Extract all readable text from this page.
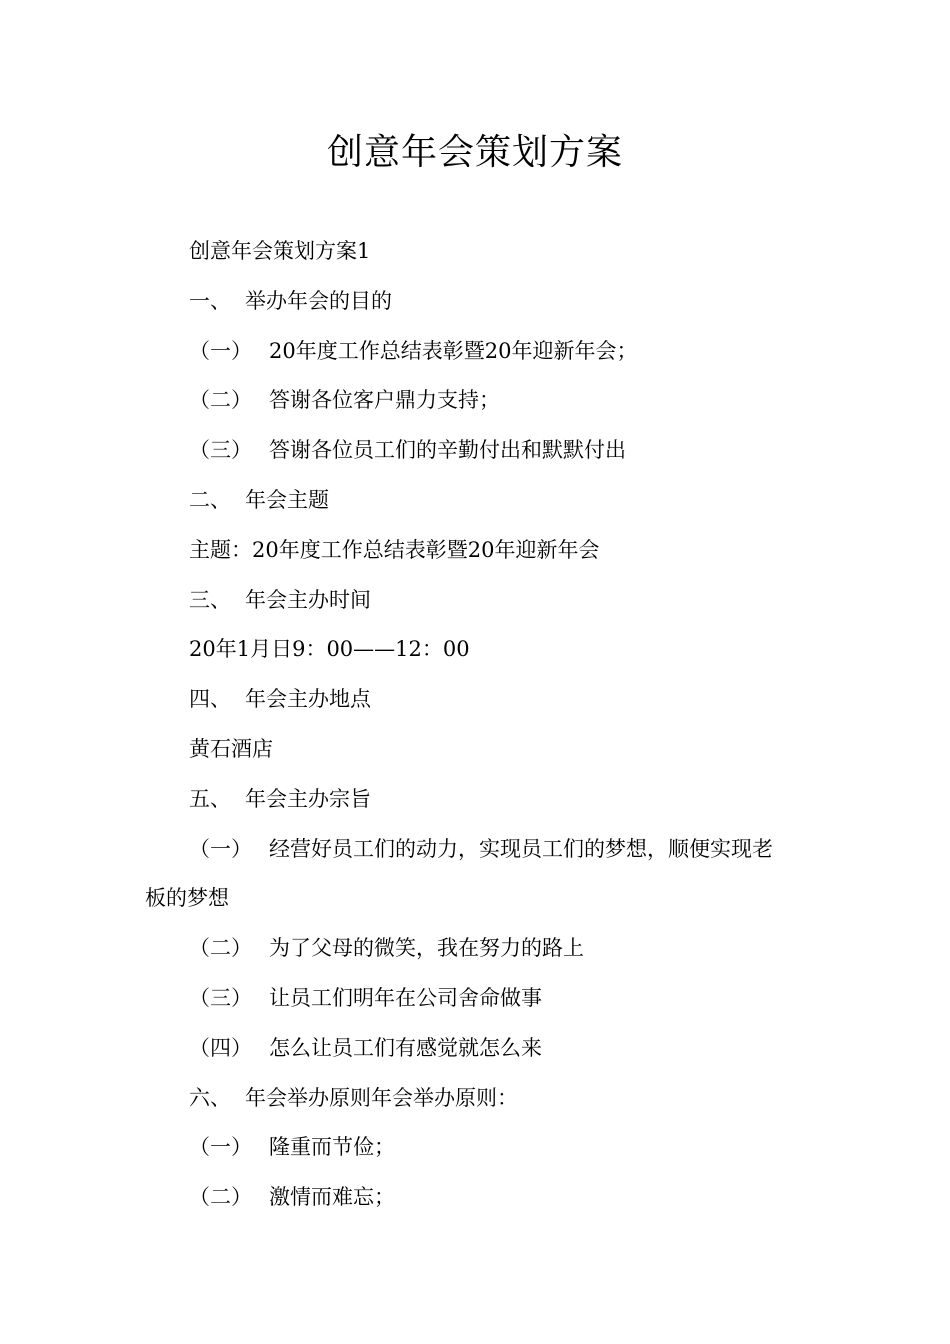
创意年会策划方案

创意年会策划方案1

一、 举办年会的目的

（一） 20年度工作总结表彰暨20年迎新年会；

（二） 答谢各位客户鼎力支持；

（三） 答谢各位员工们的辛勤付出和默默付出

二、 年会主题

主题：20年度工作总结表彰暨20年迎新年会

三、 年会主办时间

20年1月日9：00——12：00

四、 年会主办地点

黄石酒店

五、 年会主办宗旨

（一） 经营好员工们的动力，实现员工们的梦想，顺便实现老

板的梦想

（二） 为了父母的微笑，我在努力的路上

（三） 让员工们明年在公司舍命做事

（四） 怎么让员工们有感觉就怎么来

六、 年会举办原则年会举办原则：

（一） 隆重而节俭；

（二） 激情而难忘；
